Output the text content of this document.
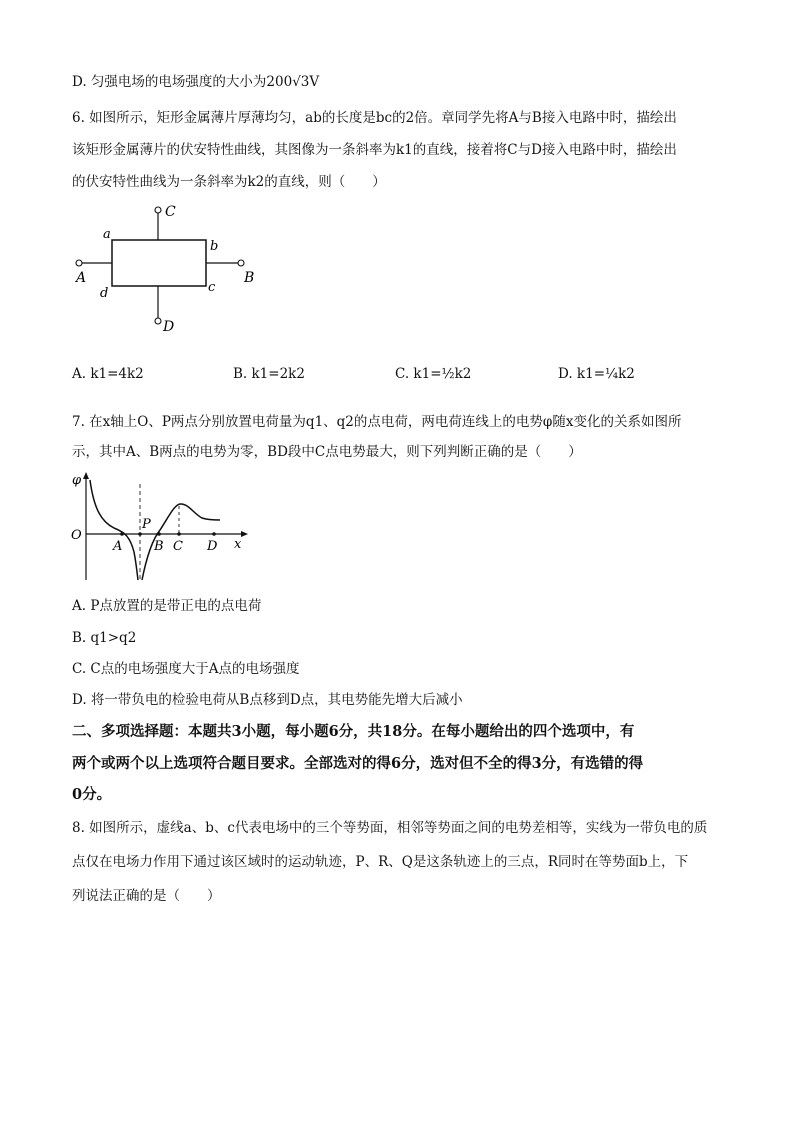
D. 匀强电场的电场强度的大小为200√3V
6. 如图所示，矩形金属薄片厚薄均匀，ab的长度是bc的2倍。章同学先将A与B接入电路中时，描绘出
该矩形金属薄片的伏安特性曲线，其图像为一条斜率为k1的直线，接着将C与D接入电路中时，描绘出
的伏安特性曲线为一条斜率为k2的直线，则（　　）
a
b
c
d
A	B
C
D
A. k1=4k2	B. k1=2k2	C. k1=½k2	D. k1=¼k2
7. 在x轴上O、P两点分别放置电荷量为q1、q2的点电荷，两电荷连线上的电势φ随x变化的关系如图所
示，其中A、B两点的电势为零，BD段中C点电势最大，则下列判断正确的是（　　）
φ
O
A
P
B C D x
A. P点放置的是带正电的点电荷
B. q1>q2
C. C点的电场强度大于A点的电场强度
D. 将一带负电的检验电荷从B点移到D点，其电势能先增大后减小
二、多项选择题：本题共3小题，每小题6分，共18分。在每小题给出的四个选项中，有
两个或两个以上选项符合题目要求。全部选对的得6分，选对但不全的得3分，有选错的得
0分。
8. 如图所示，虚线a、b、c代表电场中的三个等势面，相邻等势面之间的电势差相等，实线为一带负电的质
点仅在电场力作用下通过该区域时的运动轨迹，P、R、Q是这条轨迹上的三点，R同时在等势面b上，下
列说法正确的是（　　）
